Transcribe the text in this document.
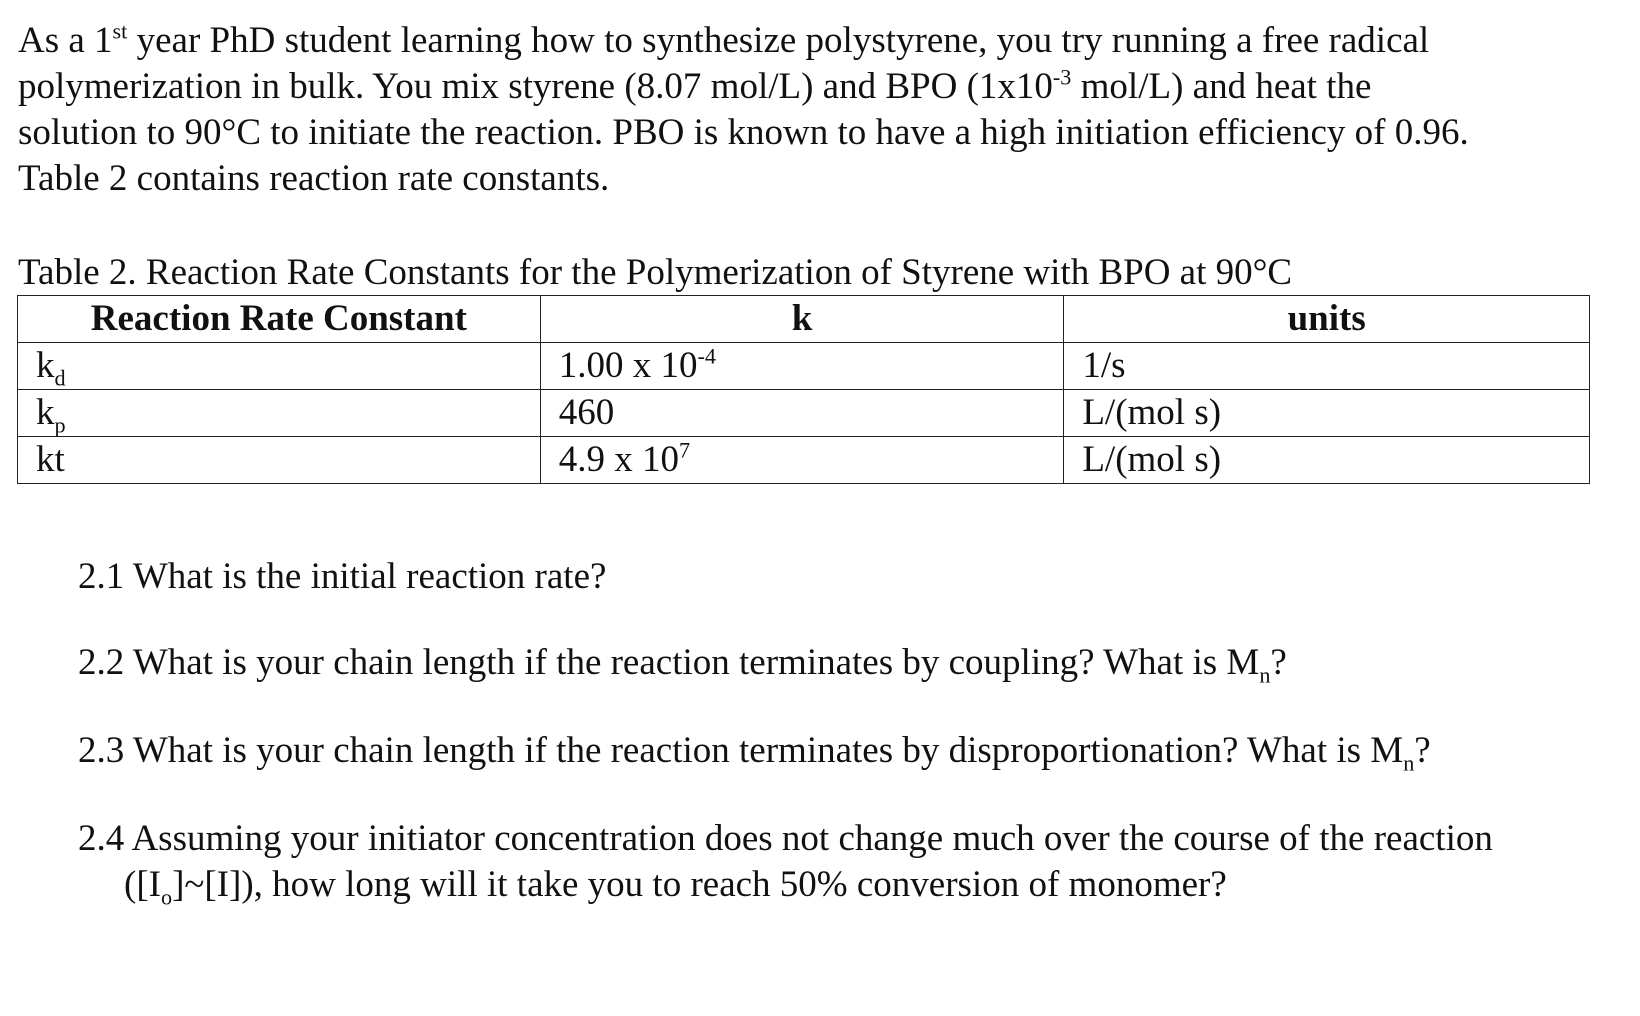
As a 1st year PhD student learning how to synthesize polystyrene, you try running a free radical
polymerization in bulk. You mix styrene (8.07 mol/L) and BPO ($1x10^{-3}$ mol/L) and heat the
solution to 90°C to initiate the reaction. PBO is known to have a high initiation efficiency of 0.96.
Table 2 contains reaction rate constants.
Table 2. Reaction Rate Constants for the Polymerization of Styrene with BPO at 90°C
Reaction Rate Constant	k	units
$k_d$	1.00 x $10^{-4}$	1/s
$k_p$	460	L/(mol s)
kt	4.9 x $10^7$	L/(mol s)
2.1 What is the initial reaction rate?
2.2 What is your chain length if the reaction terminates by coupling? What is $M_n$?
2.3 What is your chain length if the reaction terminates by disproportionation? What is $M_n$?
2.4 Assuming your initiator concentration does not change much over the course of the reaction
$([I_o]\sim[I])$, how long will it take you to reach 50% conversion of monomer?
